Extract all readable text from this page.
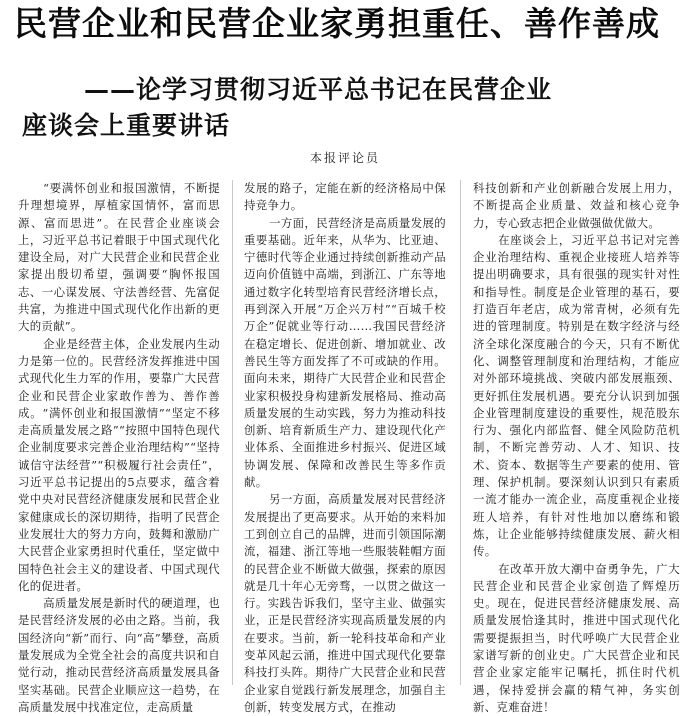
民营企业和民营企业家勇担重任、善作善成
——论学习贯彻习近平总书记在民营企业
座谈会上重要讲话
本报评论员

“要满怀创业和报国激情，不断提升理想境界，厚植家国情怀，富而思源、富而思进”。在民营企业座谈会上，习近平总书记着眼于中国式现代化建设全局，对广大民营企业和民营企业家提出殷切希望，强调要“胸怀报国志、一心谋发展、守法善经营、先富促共富，为推进中国式现代化作出新的更大的贡献”。

企业是经营主体，企业发展内生动力是第一位的。民营经济发挥推进中国式现代化生力军的作用，要靠广大民营企业和民营企业家敢作善为、善作善成。“满怀创业和报国激情”“坚定不移走高质量发展之路”“按照中国特色现代企业制度要求完善企业治理结构”“坚持诚信守法经营”“积极履行社会责任”，习近平总书记提出的5点要求，蕴含着党中央对民营经济健康发展和民营企业家健康成长的深切期待，指明了民营企业发展壮大的努力方向，鼓舞和激励广大民营企业家勇担时代重任，坚定做中国特色社会主义的建设者、中国式现代化的促进者。

高质量发展是新时代的硬道理，也是民营经济发展的必由之路。当前，我国经济向“新”而行、向“高”攀登，高质量发展成为全党全社会的高度共识和自觉行动，推动民营经济高质量发展具备坚实基础。民营企业顺应这一趋势，在高质量发展中找准定位，走高质量

发展的路子，定能在新的经济格局中保持竞争力。

一方面，民营经济是高质量发展的重要基础。近年来，从华为、比亚迪、宁德时代等企业通过持续创新推动产品迈向价值链中高端，到浙江、广东等地通过数字化转型培育民营经济增长点，再到深入开展“万企兴万村”“百城千校万企”促就业等行动……我国民营经济在稳定增长、促进创新、增加就业、改善民生等方面发挥了不可或缺的作用。面向未来，期待广大民营企业和民营企业家积极投身构建新发展格局、推动高质量发展的生动实践，努力为推动科技创新、培育新质生产力、建设现代化产业体系、全面推进乡村振兴、促进区域协调发展、保障和改善民生等多作贡献。

另一方面，高质量发展对民营经济发展提出了更高要求。从开始的来料加工到创立自己的品牌，进而引领国际潮流，福建、浙江等地一些服装鞋帽方面的民营企业不断做大做强，探索的原因就是几十年心无旁骛，一以贯之做这一行。实践告诉我们，坚守主业、做强实业，正是民营经济实现高质量发展的内在要求。当前，新一轮科技革命和产业变革风起云涌，推进中国式现代化要靠科技打头阵。期待广大民营企业和民营企业家自觉践行新发展理念，加强自主创新，转变发展方式，在推动

科技创新和产业创新融合发展上用力，不断提高企业质量、效益和核心竞争力，专心致志把企业做强做优做大。

在座谈会上，习近平总书记对完善企业治理结构、重视企业接班人培养等提出明确要求，具有很强的现实针对性和指导性。制度是企业管理的基石，要打造百年老店，成为常青树，必须有先进的管理制度。特别是在数字经济与经济全球化深度融合的今天，只有不断优化、调整管理制度和治理结构，才能应对外部环境挑战、突破内部发展瓶颈、更好抓住发展机遇。要充分认识到加强企业管理制度建设的重要性，规范股东行为、强化内部监督、健全风险防范机制，不断完善劳动、人才、知识、技术、资本、数据等生产要素的使用、管理、保护机制。要深刻认识到只有素质一流才能办一流企业，高度重视企业接班人培养，有针对性地加以磨练和锻炼，让企业能够持续健康发展、薪火相传。

在改革开放大潮中奋勇争先，广大民营企业和民营企业家创造了辉煌历史。现在，促进民营经济健康发展、高质量发展恰逢其时，推进中国式现代化需要提振担当，时代呼唤广大民营企业家谱写新的创业史。广大民营企业和民营企业家定能牢记嘱托，抓住时代机遇，保持爱拼会赢的精气神，务实创新、克难奋进！
